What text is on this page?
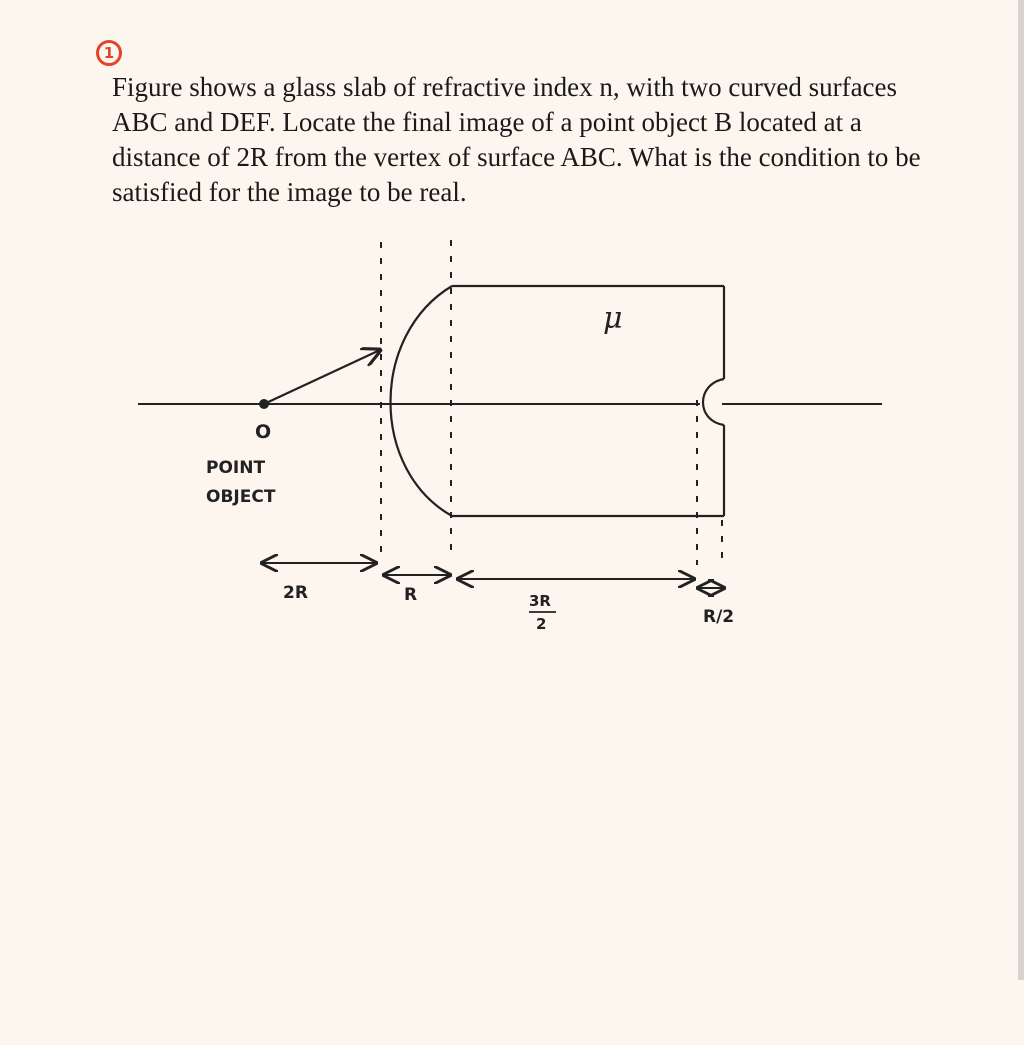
1

Figure shows a glass slab of refractive index n, with two curved surfaces ABC and DEF. Locate the final image of a point object B located at a distance of 2R from the vertex of surface ABC. What is the condition to be satisfied for the image to be real.

μ
O
POINT
OBJECT
2R	R	3R
2	R/2
